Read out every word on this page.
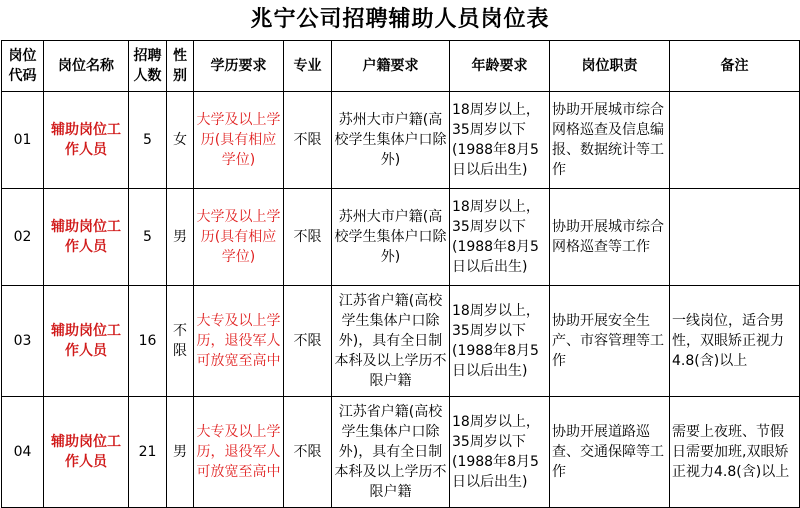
兆宁公司招聘辅助人员岗位表
岗位代码	岗位名称	招聘人数	性别	学历要求	专业	户籍要求	年龄要求	岗位职责	备注
01	辅助岗位工作人员	5	女	大学及以上学历(具有相应学位)	不限	苏州大市户籍(高校学生集体户口除外)	18周岁以上，35周岁以下(1988年8月5日以后出生)	协助开展城市综合网格巡查及信息编报、数据统计等工作	
02	辅助岗位工作人员	5	男	大学及以上学历(具有相应学位)	不限	苏州大市户籍(高校学生集体户口除外)	18周岁以上，35周岁以下(1988年8月5日以后出生)	协助开展城市综合网格巡查等工作	
03	辅助岗位工作人员	16	不限	大专及以上学历，退役军人可放宽至高中	不限	江苏省户籍(高校学生集体户口除外)，具有全日制本科及以上学历不限户籍	18周岁以上，35周岁以下(1988年8月5日以后出生)	协助开展安全生产、市容管理等工作	一线岗位，适合男性，双眼矫正视力4.8(含)以上
04	辅助岗位工作人员	21	男	大专及以上学历，退役军人可放宽至高中	不限	江苏省户籍(高校学生集体户口除外)，具有全日制本科及以上学历不限户籍	18周岁以上，35周岁以下(1988年8月5日以后出生)	协助开展道路巡查、交通保障等工作	需要上夜班、节假日需要加班,双眼矫正视力4.8(含)以上
